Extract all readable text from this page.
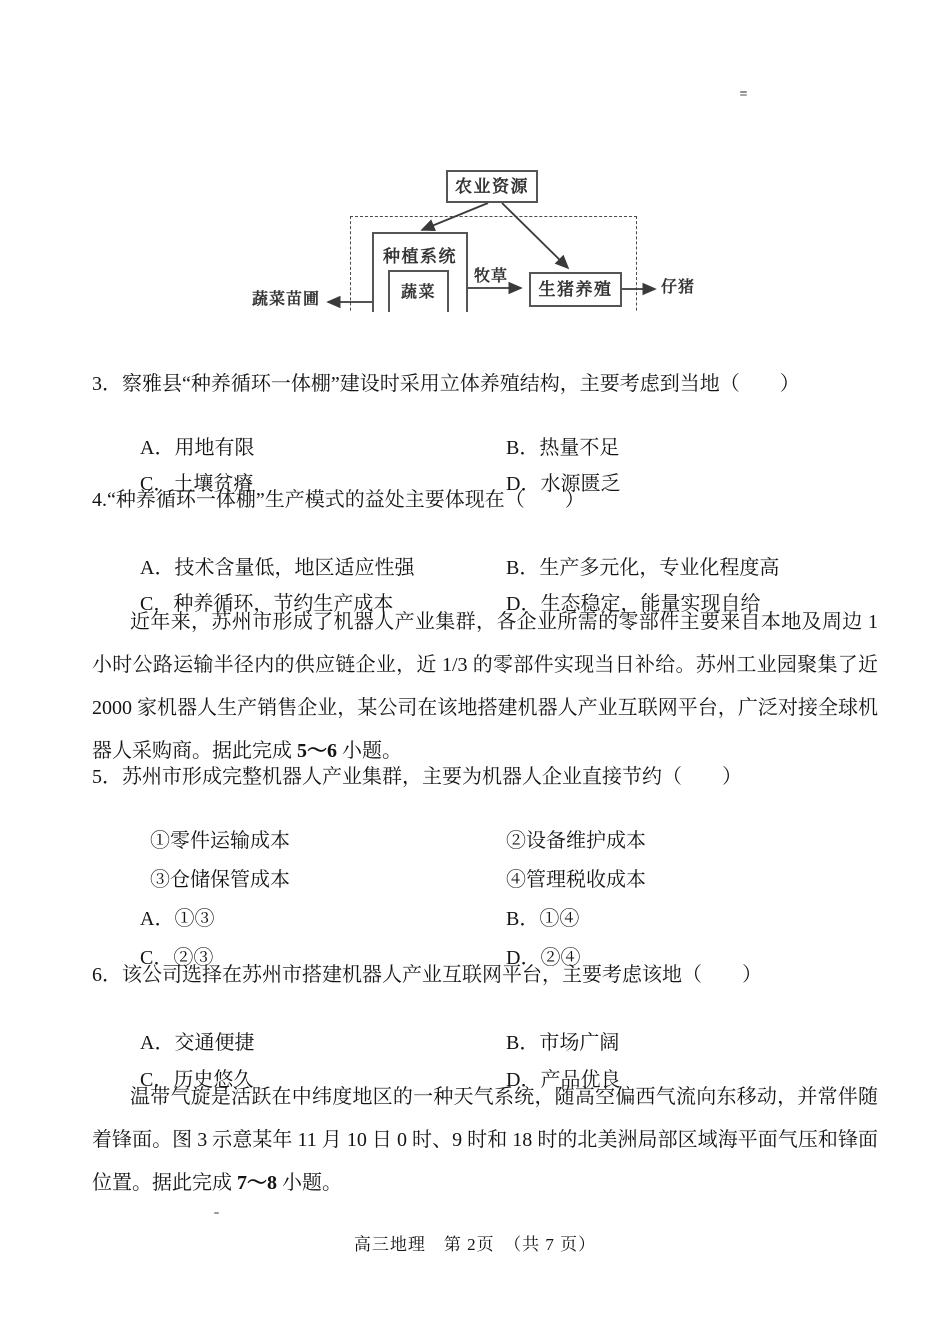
种植系统
蔬菜
农业资源
生猪养殖
牧草
仔猪
蔬菜苗圃
3．察雅县“种养循环一体棚”建设时采用立体养殖结构，主要考虑到当地（　　）

A．用地有限	B．热量不足

C．土壤贫瘠	D．水源匮乏

4.“种养循环一体棚”生产模式的益处主要体现在（　　）

A．技术含量低，地区适应性强	B．生产多元化，专业化程度高

C．种养循环，节约生产成本	D．生态稳定，能量实现自给

近年来，苏州市形成了机器人产业集群，各企业所需的零部件主要来自本地及周边 1 小时公路运输半径内的供应链企业，近 1/3 的零部件实现当日补给。苏州工业园聚集了近 2000 家机器人生产销售企业，某公司在该地搭建机器人产业互联网平台，广泛对接全球机器人采购商。据此完成 5～6 小题。

5．苏州市形成完整机器人产业集群，主要为机器人企业直接节约（　　）

①零件运输成本	②设备维护成本

③仓储保管成本	④管理税收成本

A．①③	B．①④

C．②③	D．②④

6．该公司选择在苏州市搭建机器人产业互联网平台，主要考虑该地（　　）

A．交通便捷	B．市场广阔

C．历史悠久	D．产品优良

温带气旋是活跃在中纬度地区的一种天气系统，随高空偏西气流向东移动，并常伴随着锋面。图 3 示意某年 11 月 10 日 0 时、9 时和 18 时的北美洲局部区域海平面气压和锋面位置。据此完成 7～8 小题。

高三地理　第 2页　（共 7 页）
